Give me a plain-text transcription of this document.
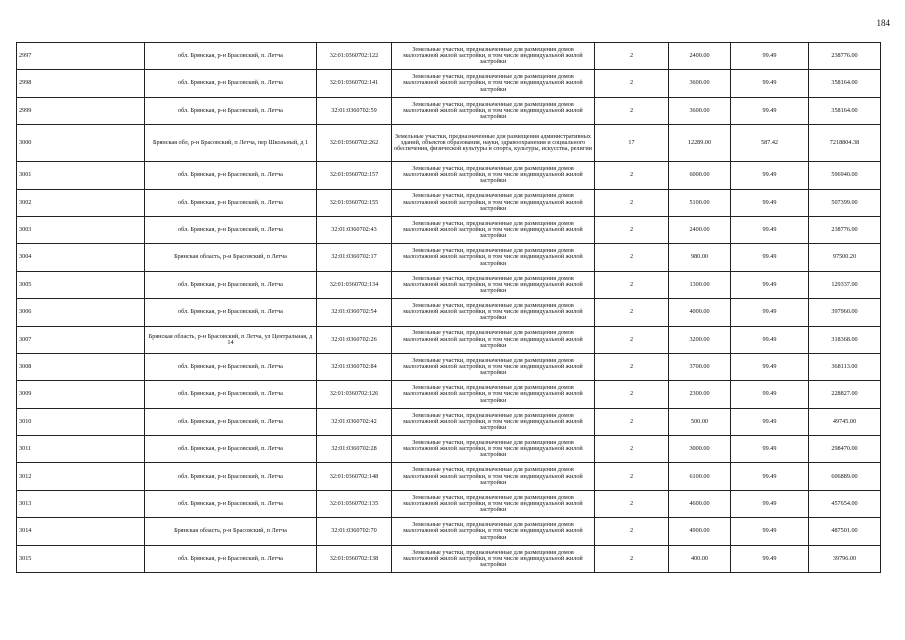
184
2997	обл. Брянская, р-н Брасовский, п. Летча	32:01:0360702:122	Земельные участки, предназначенные для размещения домов малоэтажной жилой застройки, в том числе индивидуальной жилой застройки	2	2400.00	99.49	238776.00
2998	обл. Брянская, р-н Брасовский, п. Летча	32:01:0360702:141	Земельные участки, предназначенные для размещения домов малоэтажной жилой застройки, в том числе индивидуальной жилой застройки	2	3600.00	99.49	358164.00
2999	обл. Брянская, р-н Брасовский, п. Летча	32:01:0360702:59	Земельные участки, предназначенные для размещения домов малоэтажной жилой застройки, в том числе индивидуальной жилой застройки	2	3600.00	99.49	358164.00
3000	Брянская обл, р-н Брасовский, п Летча, пер Школьный, д 1	32:01:0360702:262	Земельные участки, предназначенные для размещения административных зданий, объектов образования, науки, здравоохранения и социального обеспечения, физической культуры и спорта, культуры, искусства, религии	17	12289.00	587.42	7218804.38
3001	обл. Брянская, р-н Брасовский, п. Летча	32:01:0360702:157	Земельные участки, предназначенные для размещения домов малоэтажной жилой застройки, в том числе индивидуальной жилой застройки	2	6000.00	99.49	596940.00
3002	обл. Брянская, р-н Брасовский, п. Летча	32:01:0360702:155	Земельные участки, предназначенные для размещения домов малоэтажной жилой застройки, в том числе индивидуальной жилой застройки	2	5100.00	99.49	507399.00
3003	обл. Брянская, р-н Брасовский, п. Летча	32:01:0360702:43	Земельные участки, предназначенные для размещения домов малоэтажной жилой застройки, в том числе индивидуальной жилой застройки	2	2400.00	99.49	238776.00
3004	Брянская область, р-н Брасовский, п Летча	32:01:0360702:17	Земельные участки, предназначенные для размещения домов малоэтажной жилой застройки, в том числе индивидуальной жилой застройки	2	980.00	99.49	97500.20
3005	обл. Брянская, р-н Брасовский, п. Летча	32:01:0360702:134	Земельные участки, предназначенные для размещения домов малоэтажной жилой застройки, в том числе индивидуальной жилой застройки	2	1300.00	99.49	129337.00
3006	обл. Брянская, р-н Брасовский, п. Летча	32:01:0360702:54	Земельные участки, предназначенные для размещения домов малоэтажной жилой застройки, в том числе индивидуальной жилой застройки	2	4000.00	99.49	397960.00
3007	Брянская область, р-н Брасовский, п Летча, ул Центральная, д 14	32:01:0360702:26	Земельные участки, предназначенные для размещения домов малоэтажной жилой застройки, в том числе индивидуальной жилой застройки	2	3200.00	99.49	318368.00
3008	обл. Брянская, р-н Брасовский, п. Летча	32:01:0360702:84	Земельные участки, предназначенные для размещения домов малоэтажной жилой застройки, в том числе индивидуальной жилой застройки	2	3700.00	99.49	368113.00
3009	обл. Брянская, р-н Брасовский, п. Летча	32:01:0360702:126	Земельные участки, предназначенные для размещения домов малоэтажной жилой застройки, в том числе индивидуальной жилой застройки	2	2300.00	99.49	228827.00
3010	обл. Брянская, р-н Брасовский, п. Летча	32:01:0360702:42	Земельные участки, предназначенные для размещения домов малоэтажной жилой застройки, в том числе индивидуальной жилой застройки	2	500.00	99.49	49745.00
3011	обл. Брянская, р-н Брасовский, п. Летча	32:01:0360702:28	Земельные участки, предназначенные для размещения домов малоэтажной жилой застройки, в том числе индивидуальной жилой застройки	2	3000.00	99.49	298470.00
3012	обл. Брянская, р-н Брасовский, п. Летча	32:01:0360702:148	Земельные участки, предназначенные для размещения домов малоэтажной жилой застройки, в том числе индивидуальной жилой застройки	2	6100.00	99.49	606889.00
3013	обл. Брянская, р-н Брасовский, п. Летча	32:01:0360702:135	Земельные участки, предназначенные для размещения домов малоэтажной жилой застройки, в том числе индивидуальной жилой застройки	2	4600.00	99.49	457654.00
3014	Брянская область, р-н Брасовский, п Летча	32:01:0360702:70	Земельные участки, предназначенные для размещения домов малоэтажной жилой застройки, в том числе индивидуальной жилой застройки	2	4900.00	99.49	487501.00
3015	обл. Брянская, р-н Брасовский, п. Летча	32:01:0360702:138	Земельные участки, предназначенные для размещения домов малоэтажной жилой застройки, в том числе индивидуальной жилой застройки	2	400.00	99.49	39796.00
